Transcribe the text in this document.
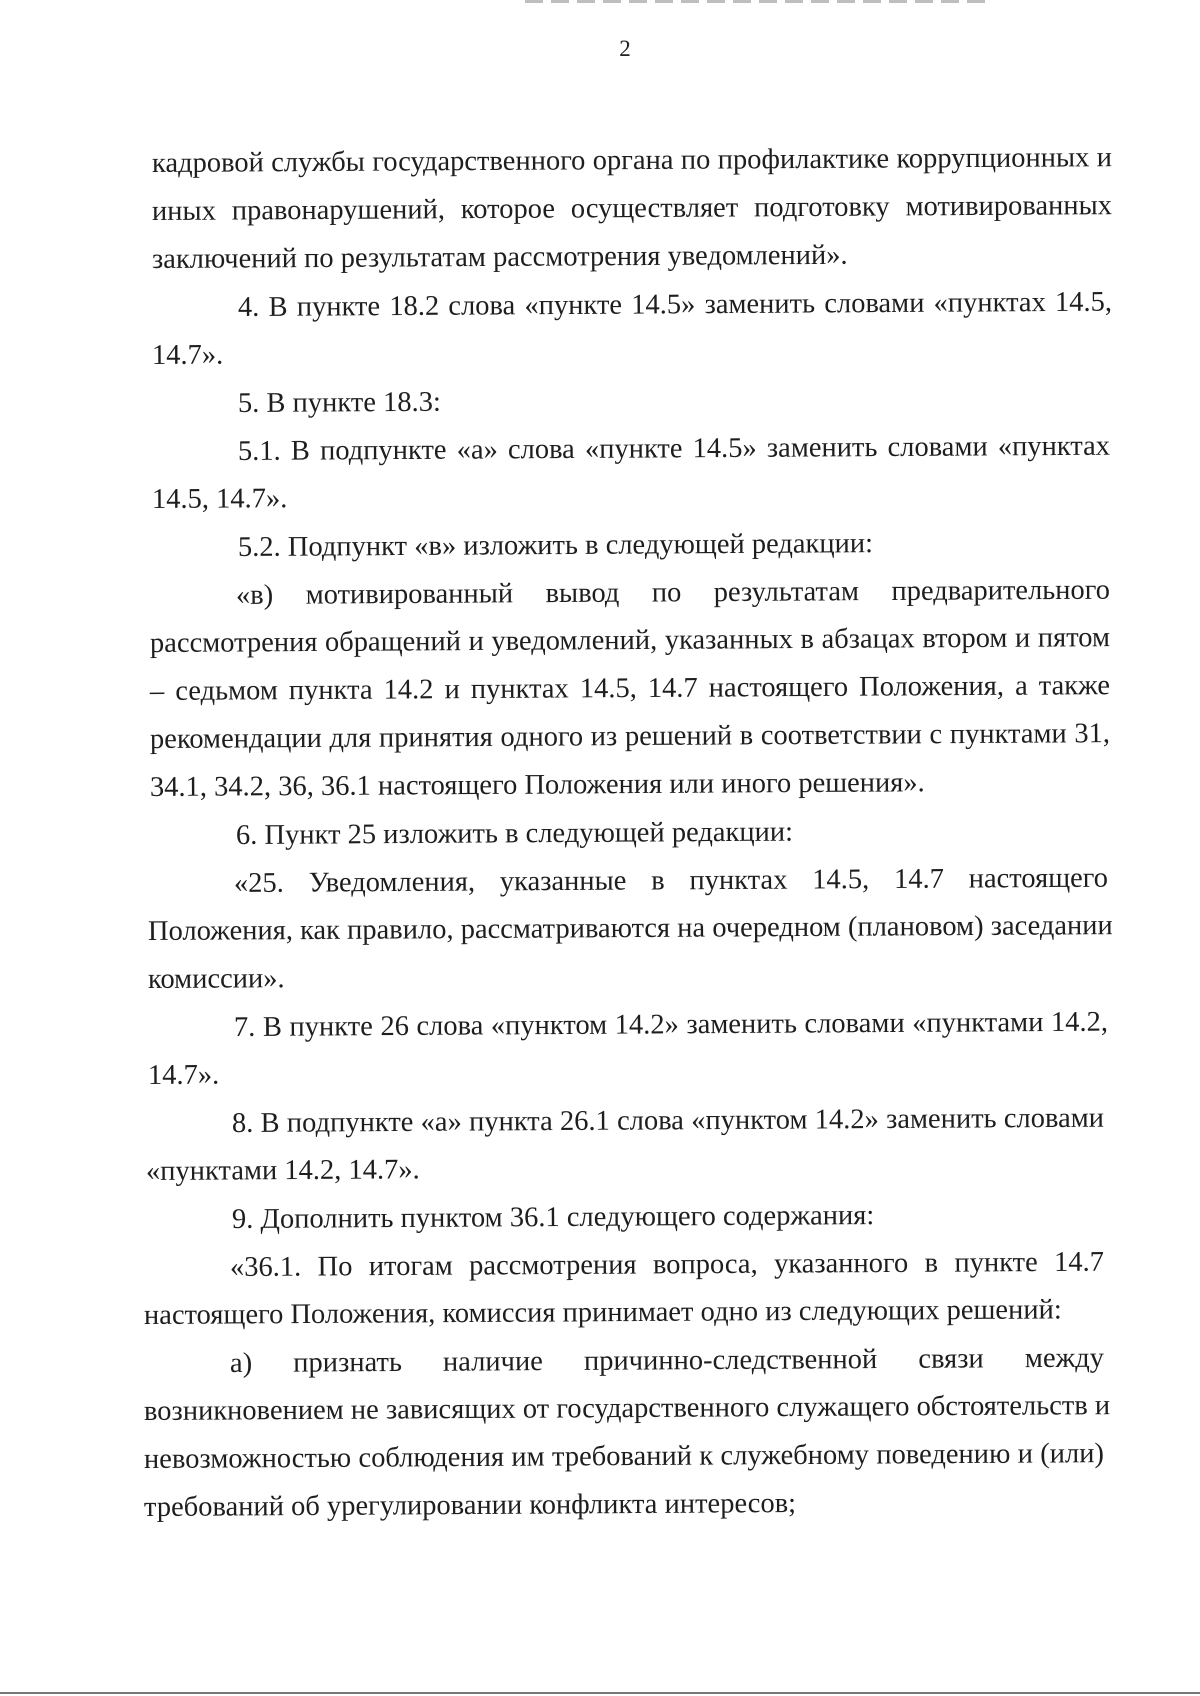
2
кадровой службы государственного органа по профилактике коррупционных и
иных правонарушений, которое осуществляет подготовку мотивированных
заключений по результатам рассмотрения уведомлений».
4. В пункте 18.2 слова «пункте 14.5» заменить словами «пунктах 14.5,
14.7».
5. В пункте 18.3:
5.1. В подпункте «а» слова «пункте 14.5» заменить словами «пунктах
14.5, 14.7».
5.2. Подпункт «в» изложить в следующей редакции:
«в) мотивированный вывод по результатам предварительного
рассмотрения обращений и уведомлений, указанных в абзацах втором и пятом
– седьмом пункта 14.2 и пунктах 14.5, 14.7 настоящего Положения, а также
рекомендации для принятия одного из решений в соответствии с пунктами 31,
34.1, 34.2, 36, 36.1 настоящего Положения или иного решения».
6. Пункт 25 изложить в следующей редакции:
«25. Уведомления, указанные в пунктах 14.5, 14.7 настоящего
Положения, как правило, рассматриваются на очередном (плановом) заседании
комиссии».
7. В пункте 26 слова «пунктом 14.2» заменить словами «пунктами 14.2,
14.7».
8. В подпункте «а» пункта 26.1 слова «пунктом 14.2» заменить словами
«пунктами 14.2, 14.7».
9. Дополнить пунктом 36.1 следующего содержания:
«36.1. По итогам рассмотрения вопроса, указанного в пункте 14.7
настоящего Положения, комиссия принимает одно из следующих решений:
а) признать наличие причинно-следственной связи между
возникновением не зависящих от государственного служащего обстоятельств и
невозможностью соблюдения им требований к служебному поведению и (или)
требований об урегулировании конфликта интересов;
